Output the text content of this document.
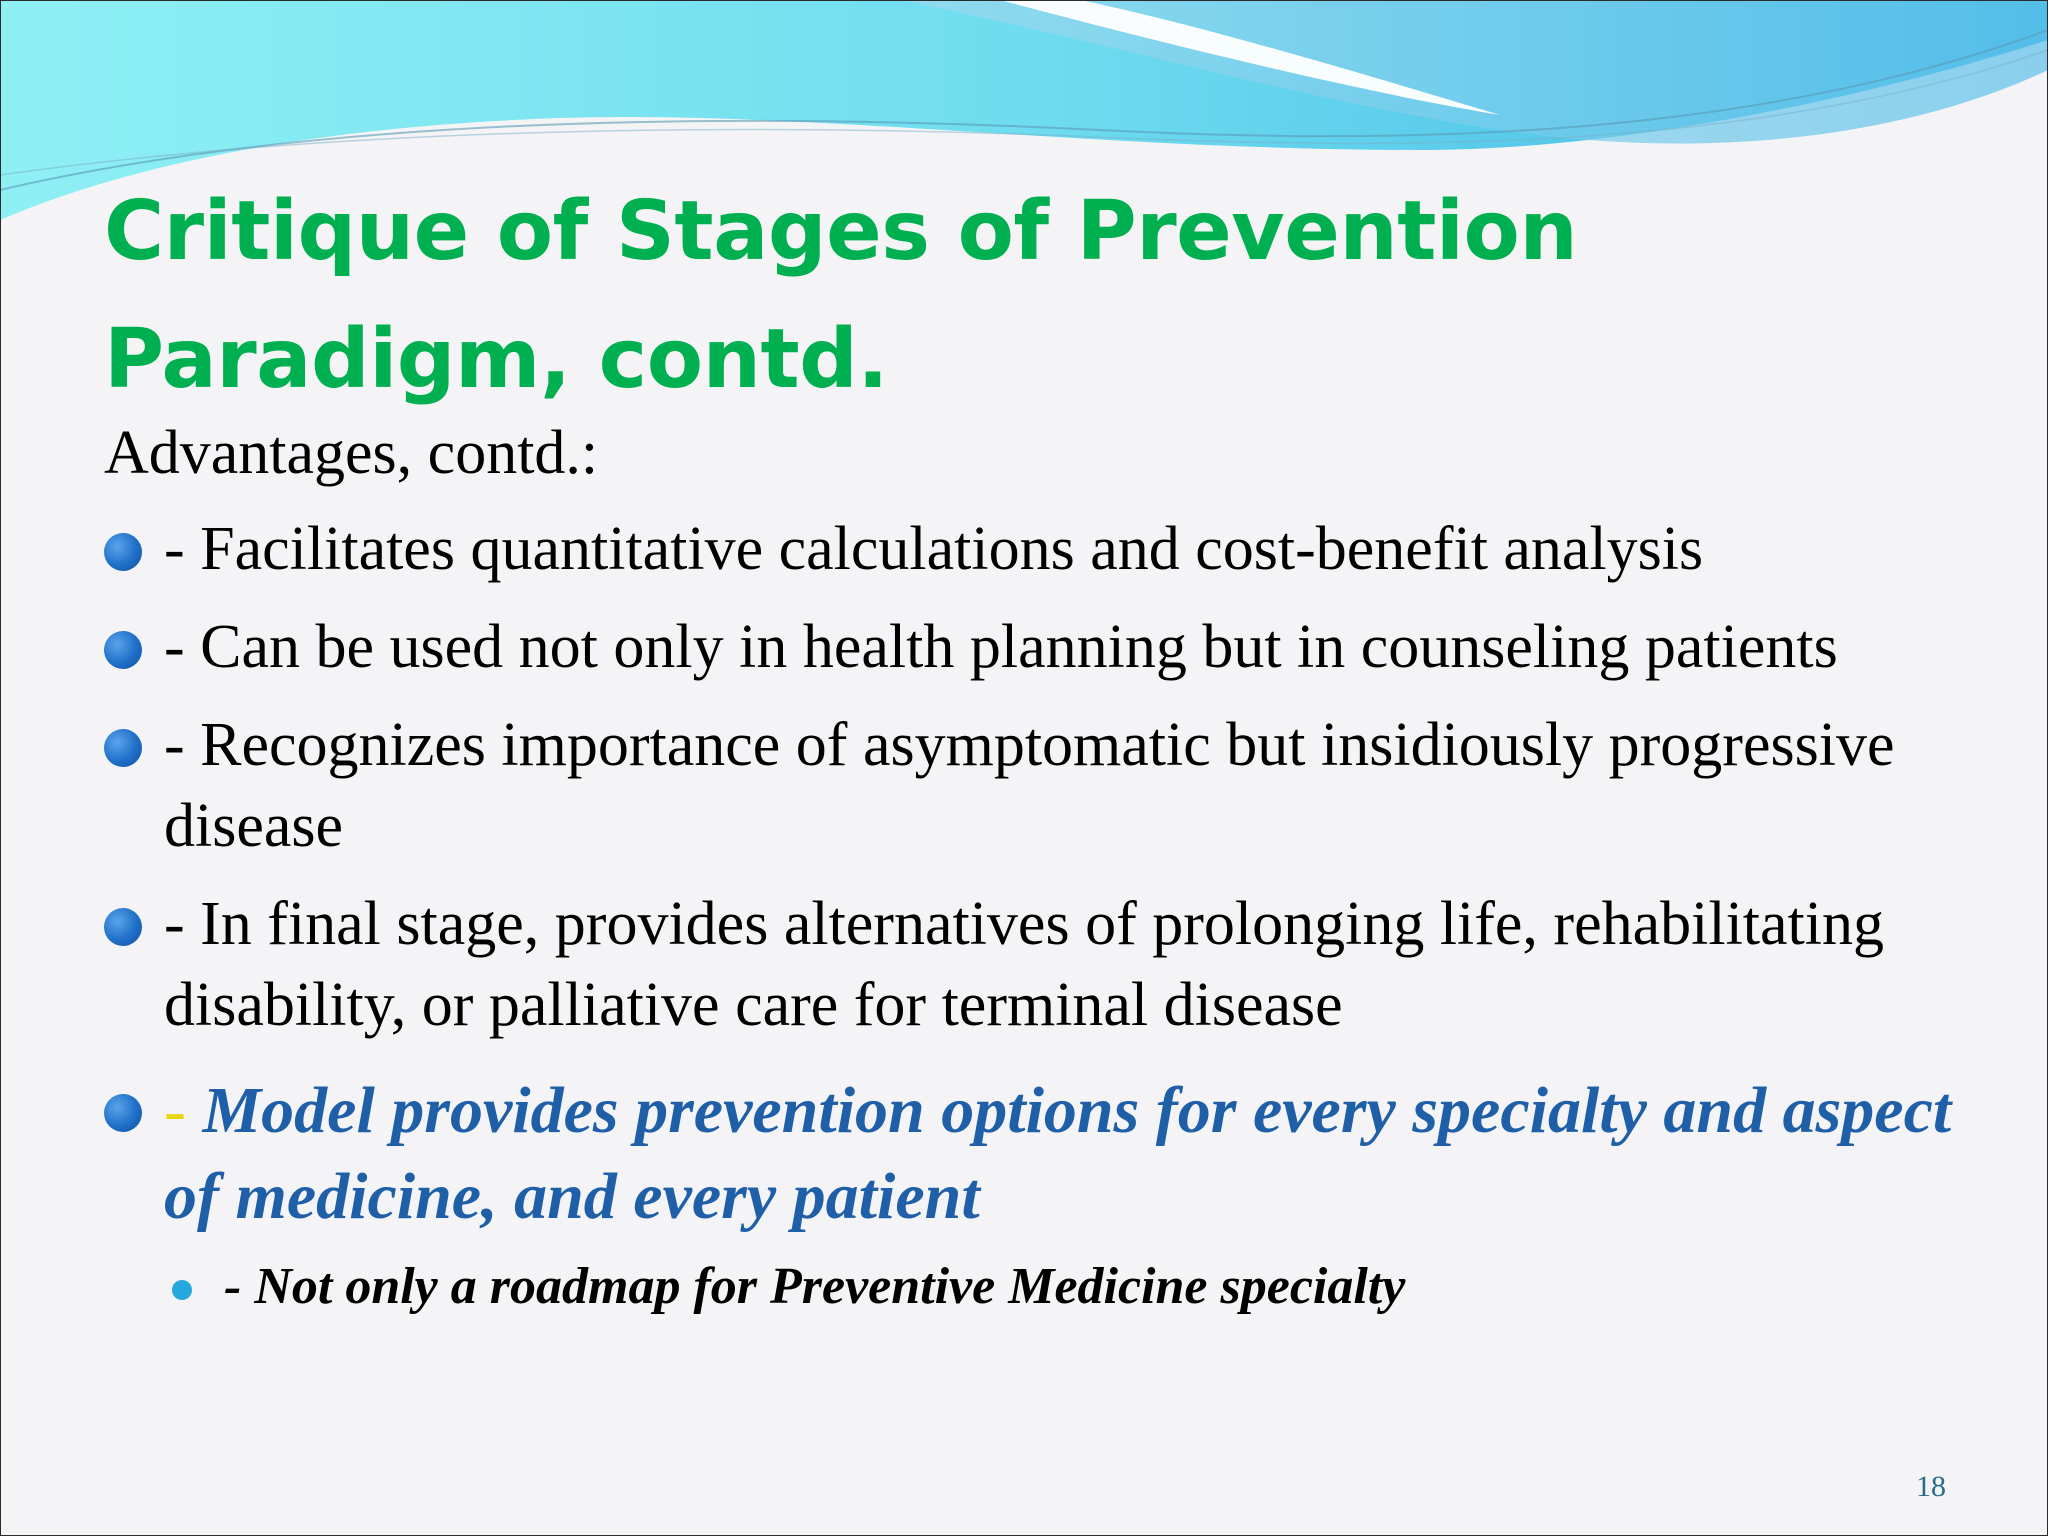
Critique of Stages of Prevention Paradigm, contd.
Advantages, contd.:
- Facilitates quantitative calculations and cost-benefit analysis
- Can be used not only in health planning but in counseling patients
- Recognizes importance of asymptomatic but insidiously progressive disease
- In final stage, provides alternatives of prolonging life, rehabilitating disability, or palliative care for terminal disease
- Model provides prevention options for every specialty and aspect of medicine, and every patient
- Not only a roadmap for Preventive Medicine specialty
18
